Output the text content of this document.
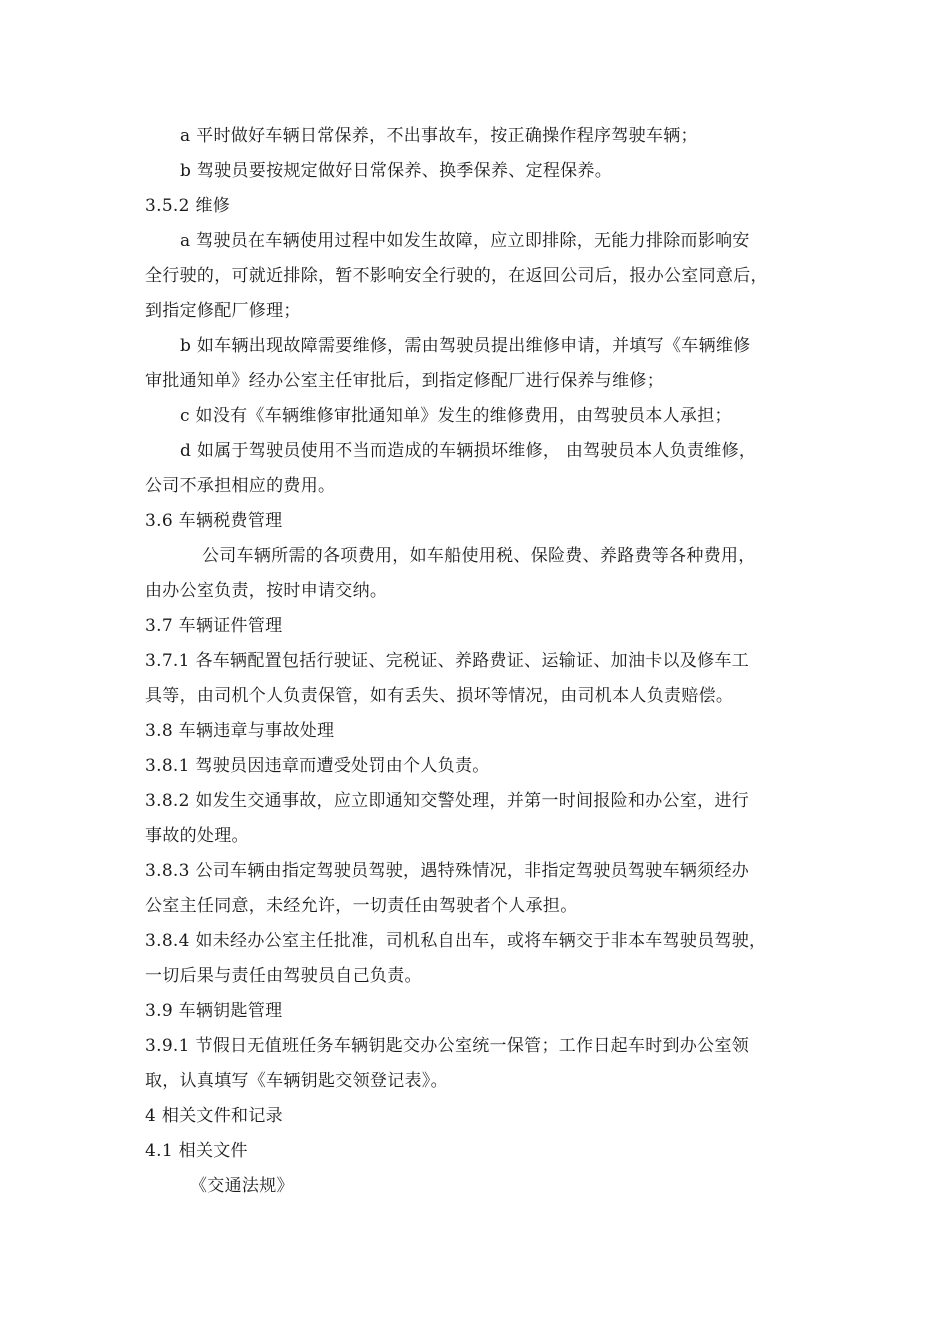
a 平时做好车辆日常保养，不出事故车，按正确操作程序驾驶车辆；
b 驾驶员要按规定做好日常保养、换季保养、定程保养。
3.5.2 维修
a 驾驶员在车辆使用过程中如发生故障，应立即排除，无能力排除而影响安
全行驶的，可就近排除，暂不影响安全行驶的，在返回公司后，报办公室同意后，
到指定修配厂修理；
b 如车辆出现故障需要维修，需由驾驶员提出维修申请，并填写《车辆维修
审批通知单》经办公室主任审批后，到指定修配厂进行保养与维修；
c 如没有《车辆维修审批通知单》发生的维修费用，由驾驶员本人承担；
d 如属于驾驶员使用不当而造成的车辆损坏维修， 由驾驶员本人负责维修，
公司不承担相应的费用。
3.6 车辆税费管理
公司车辆所需的各项费用，如车船使用税、保险费、养路费等各种费用，
由办公室负责，按时申请交纳。
3.7 车辆证件管理
3.7.1 各车辆配置包括行驶证、完税证、养路费证、运输证、加油卡以及修车工
具等，由司机个人负责保管，如有丢失、损坏等情况，由司机本人负责赔偿。
3.8 车辆违章与事故处理
3.8.1 驾驶员因违章而遭受处罚由个人负责。
3.8.2 如发生交通事故，应立即通知交警处理，并第一时间报险和办公室，进行
事故的处理。
3.8.3 公司车辆由指定驾驶员驾驶，遇特殊情况，非指定驾驶员驾驶车辆须经办
公室主任同意，未经允许，一切责任由驾驶者个人承担。
3.8.4 如未经办公室主任批准，司机私自出车，或将车辆交于非本车驾驶员驾驶，
一切后果与责任由驾驶员自己负责。
3.9 车辆钥匙管理
3.9.1 节假日无值班任务车辆钥匙交办公室统一保管；工作日起车时到办公室领
取，认真填写《车辆钥匙交领登记表》。
4 相关文件和记录
4.1 相关文件
《交通法规》
